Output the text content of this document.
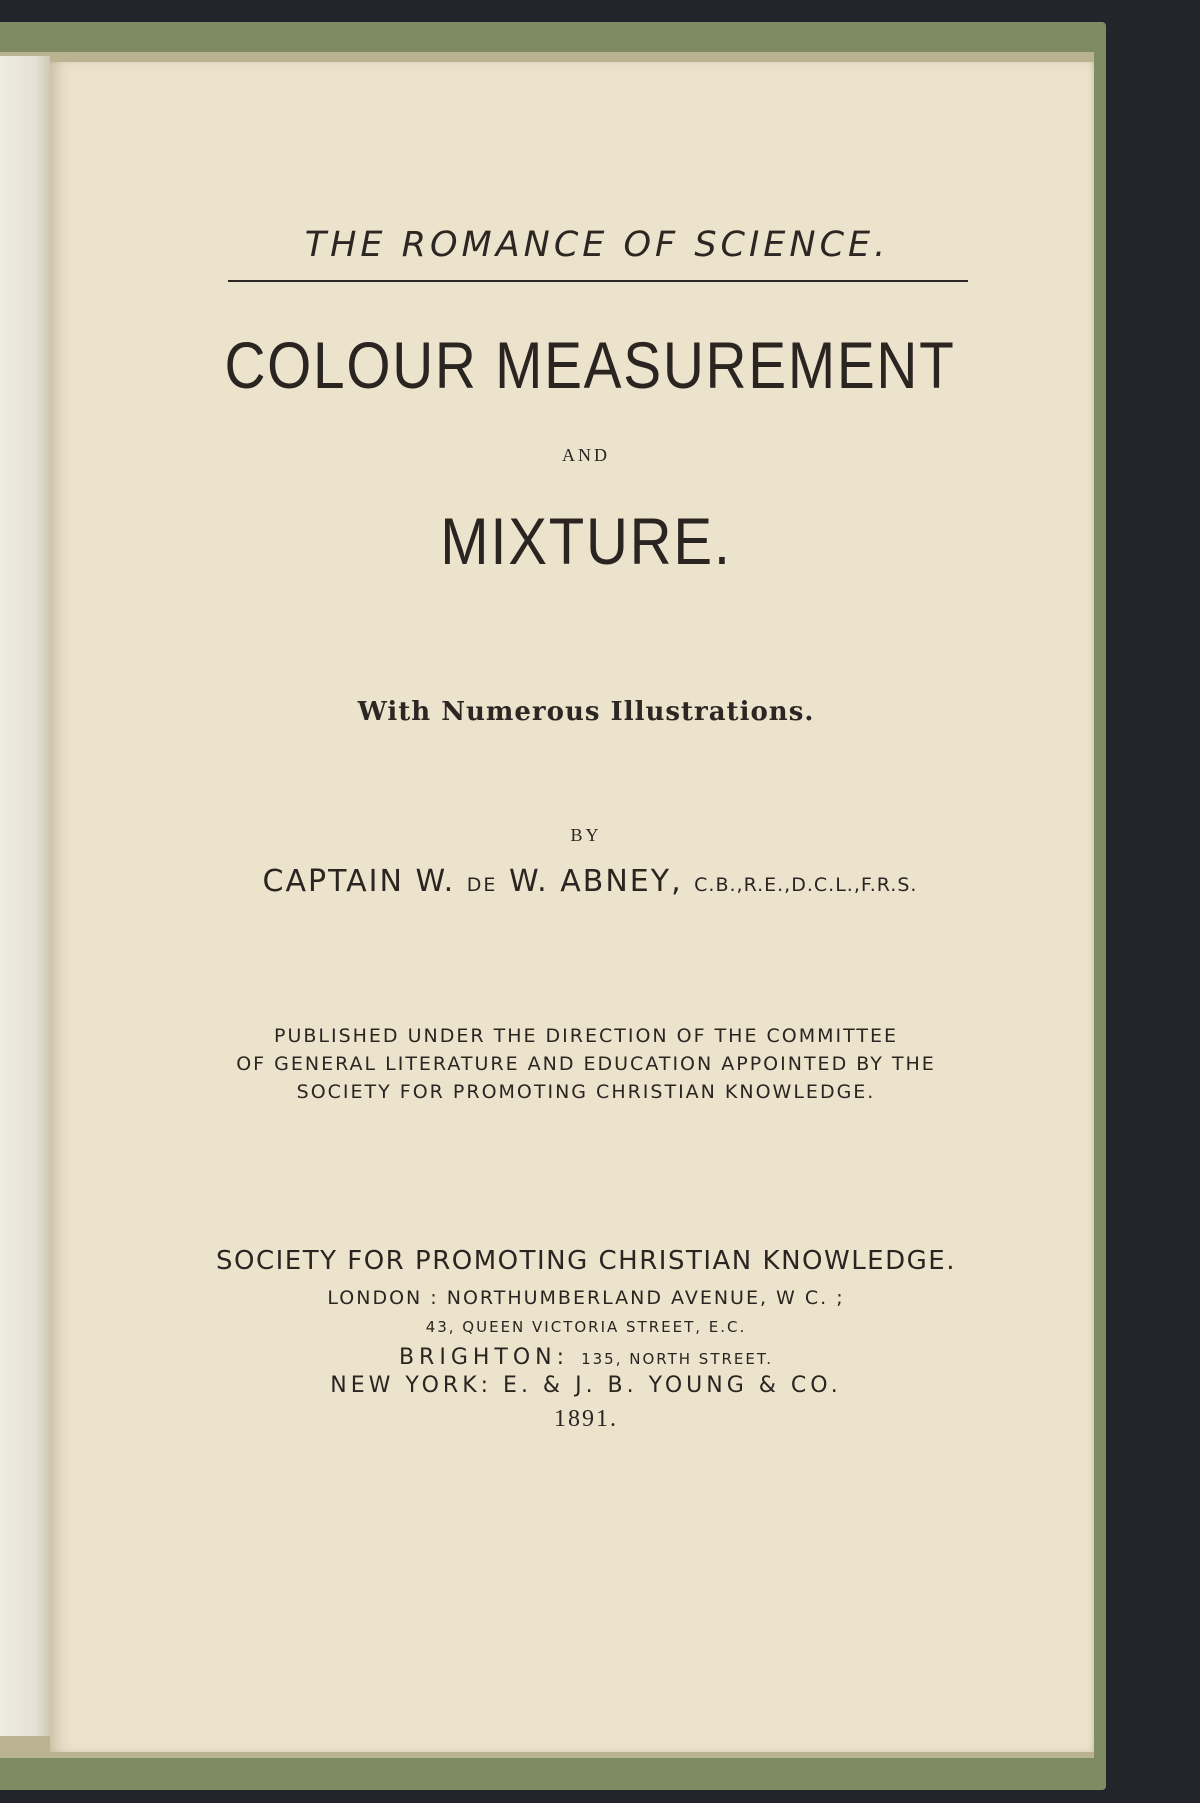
THE ROMANCE OF SCIENCE.
COLOUR MEASUREMENT
AND
MIXTURE.
With Numerous Illustrations.
BY
CAPTAIN W. DE W. ABNEY, C.B.,R.E.,D.C.L.,F.R.S.
PUBLISHED UNDER THE DIRECTION OF THE COMMITTEE
OF GENERAL LITERATURE AND EDUCATION APPOINTED BY THE
SOCIETY FOR PROMOTING CHRISTIAN KNOWLEDGE.
SOCIETY FOR PROMOTING CHRISTIAN KNOWLEDGE.
LONDON : NORTHUMBERLAND AVENUE, W C. ;
43, QUEEN VICTORIA STREET, E.C.
BRIGHTON: 135, NORTH STREET.
NEW YORK: E. & J. B. YOUNG & CO.
1891.
